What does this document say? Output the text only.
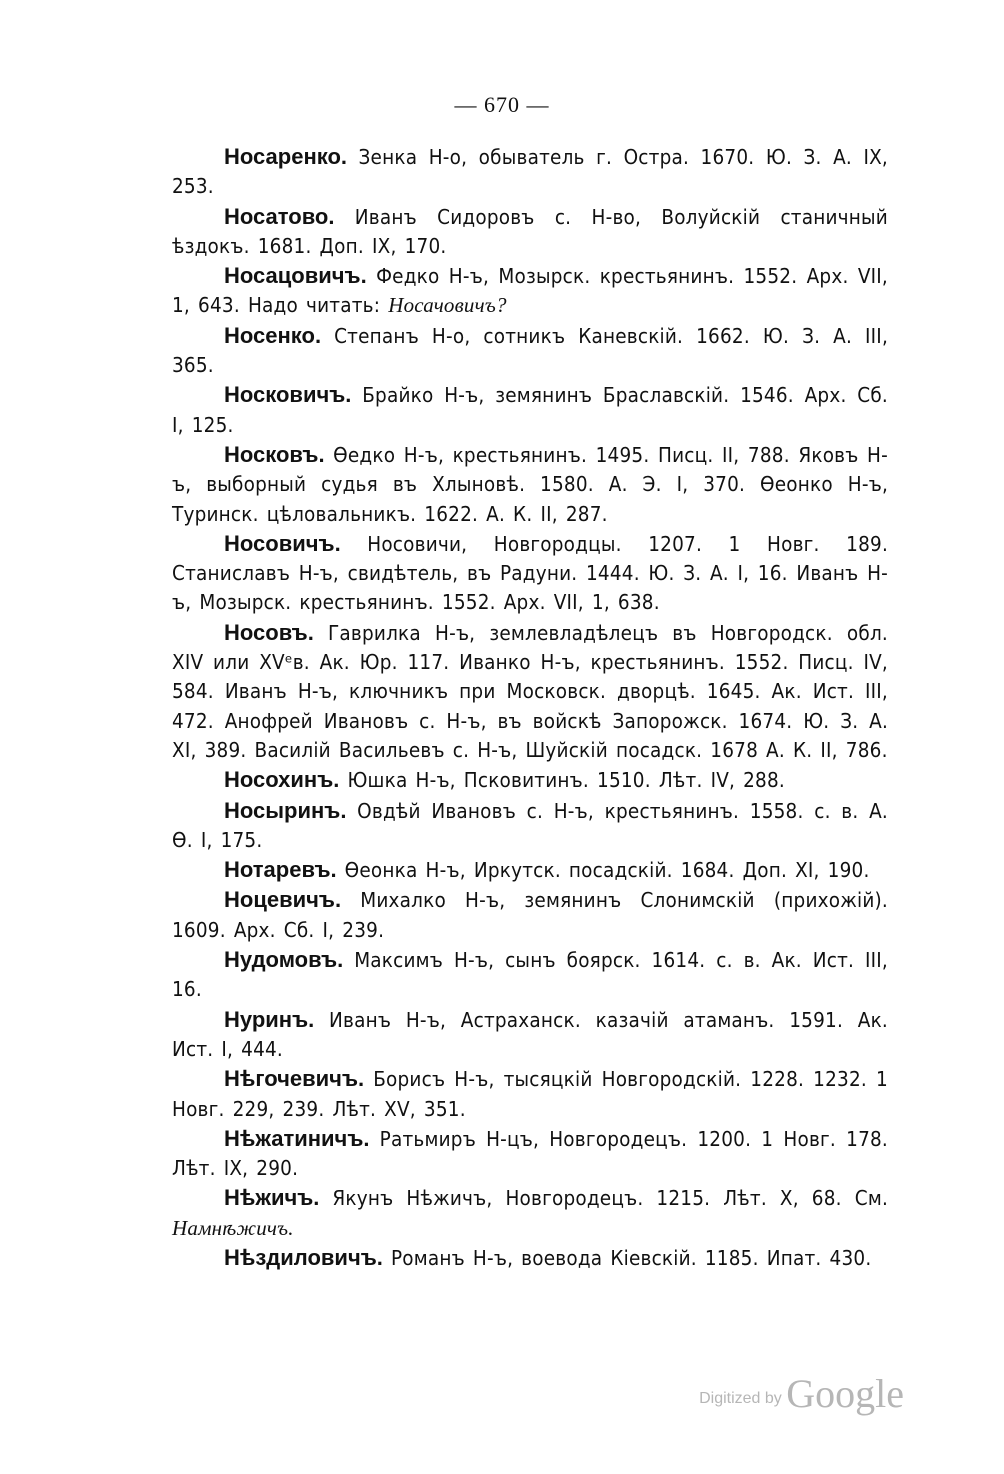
— 670 —

Носаренко. Зенка Н-о, обыватель г. Остра. 1670. Ю. З. А. IX, 253.

Носатово. Иванъ Сидоровъ с. Н-во, Волуйскій станичный ѣздокъ. 1681. Доп. IX, 170.

Носацовичъ. Федко Н-ъ, Мозырск. крестьянинъ. 1552. Арх. VII, 1, 643. Надо читать: Носачовичъ?

Носенко. Степанъ Н-о, сотникъ Каневскій. 1662. Ю. З. А. III, 365.

Носковичъ. Брайко Н-ъ, земянинъ Браславскій. 1546. Арх. Сб. I, 125.

Носковъ. Ѳедко Н-ъ, крестьянинъ. 1495. Писц. II, 788. Яковъ Н-ъ, выборный судья въ Хлыновѣ. 1580. А. Э. I, 370. Ѳеонко Н-ъ, Туринск. цѣловальникъ. 1622. А. К. II, 287.

Носовичъ. Носовичи, Новгородцы. 1207. 1 Новг. 189. Станиславъ Н-ъ, свидѣтель, въ Радуни. 1444. Ю. З. А. I, 16. Иванъ Н-ъ, Мозырск. крестьянинъ. 1552. Арх. VII, 1, 638.

Носовъ. Гаврилка Н-ъ, землевладѣлецъ въ Новгородск. обл. XIV или XVᵉв. Ак. Юр. 117. Иванко Н-ъ, крестьянинъ. 1552. Писц. IV, 584. Иванъ Н-ъ, ключникъ при Московск. дворцѣ. 1645. Ак. Ист. III, 472. Анофрей Ивановъ с. Н-ъ, въ войскѣ Запорожск. 1674. Ю. З. А. XI, 389. Василій Васильевъ с. Н-ъ, Шуйскій посадск. 1678 А. К. II, 786.

Носохинъ. Юшка Н-ъ, Псковитинъ. 1510. Лѣт. IV, 288.

Носыринъ. Овдѣй Ивановъ с. Н-ъ, крестьянинъ. 1558. с. в. А. Ѳ. I, 175.

Нотаревъ. Ѳеонка Н-ъ, Иркутск. посадскій. 1684. Доп. XI, 190.

Ноцевичъ. Михалко Н-ъ, земянинъ Слонимскій (прихожій). 1609. Арх. Сб. I, 239.

Нудомовъ. Максимъ Н-ъ, сынъ боярск. 1614. с. в. Ак. Ист. III, 16.

Нуринъ. Иванъ Н-ъ, Астраханск. казачій атаманъ. 1591. Ак. Ист. I, 444.

Нѣгочевичъ. Борисъ Н-ъ, тысяцкій Новгородскій. 1228. 1232. 1 Новг. 229, 239. Лѣт. XV, 351.

Нѣжатиничъ. Ратьмиръ Н-цъ, Новгородецъ. 1200. 1 Новг. 178. Лѣт. IX, 290.

Нѣжичъ. Якунъ Нѣжичъ, Новгородецъ. 1215. Лѣт. X, 68. См. Намнѣжичъ.

Нѣздиловичъ. Романъ Н-ъ, воевода Кіевскій. 1185. Ипат. 430.

Digitized by Google
